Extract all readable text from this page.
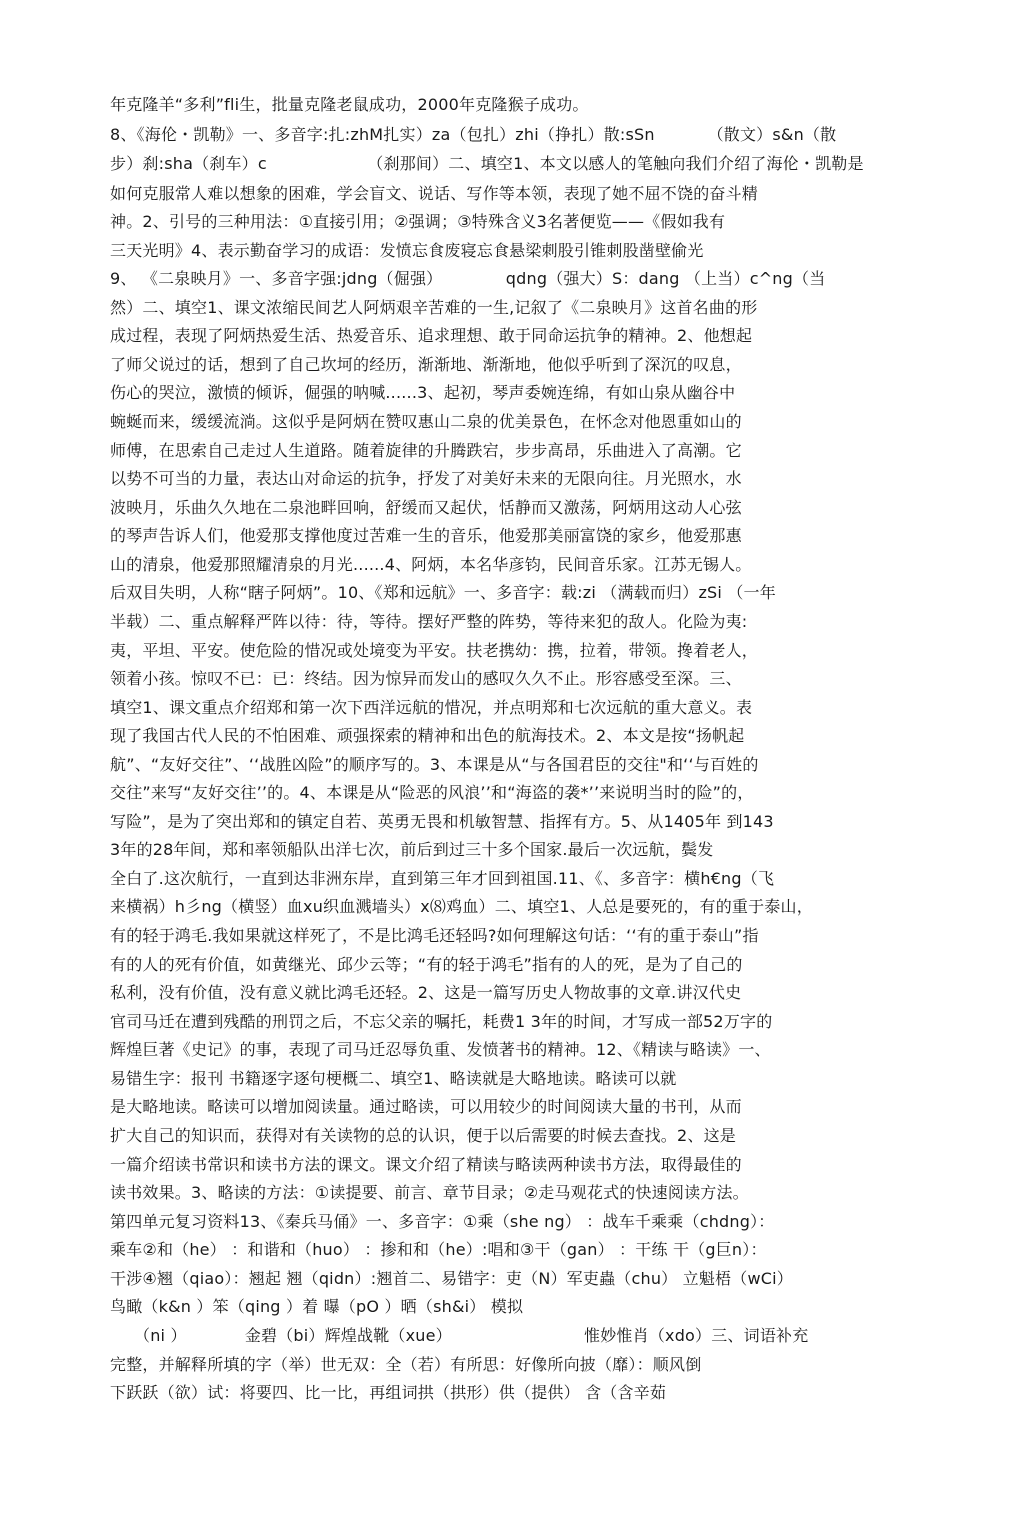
年克隆羊“多利”fli生，批量克隆老鼠成功，2000年克隆猴子成功。
8、《海伦・凯勒》一、多音字:扎:zhM扎实）za（包扎）zhi（挣扎）散:sSn          （散文）s&n（散
步）刹:sha（刹车）c                   （刹那间）二、填空1、本文以感人的笔触向我们介绍了海伦・凯勒是
如何克服常人难以想象的困难，学会盲文、说话、写作等本领，表现了她不屈不饶的奋斗精
神。2、引号的三种用法：①直接引用；②强调；③特殊含义3名著便览——《假如我有
三天光明》4、表示勤奋学习的成语：发愤忘食废寝忘食悬梁刺股引锥刺股凿壁偷光
9、 《二泉映月》一、多音字强:jdng（倔强）            qdng（强大）S：dang （上当）c^ng（当
然）二、填空1、课文浓缩民间艺人阿炳艰辛苦难的一生,记叙了《二泉映月》这首名曲的形
成过程，表现了阿炳热爱生活、热爱音乐、追求理想、敢于同命运抗争的精神。2、他想起
了师父说过的话，想到了自己坎坷的经历，渐渐地、渐渐地，他似乎听到了深沉的叹息，
伤心的哭泣，激愤的倾诉，倔强的呐喊......3、起初，琴声委婉连绵，有如山泉从幽谷中
蜿蜒而来，缓缓流淌。这似乎是阿炳在赞叹惠山二泉的优美景色，在怀念对他恩重如山的
师傅，在思索自己走过人生道路。随着旋律的升腾跌宕，步步高昂，乐曲进入了高潮。它
以势不可当的力量，表达山对命运的抗争，抒发了对美好未来的无限向往。月光照水，水
波映月，乐曲久久地在二泉池畔回响，舒缓而又起伏，恬静而又激荡，阿炳用这动人心弦
的琴声告诉人们，他爱那支撑他度过苦难一生的音乐，他爱那美丽富饶的家乡，他爱那惠
山的清泉，他爱那照耀清泉的月光......4、阿炳，本名华彦钧，民间音乐家。江苏无锡人。
后双目失明，人称“瞎子阿炳”。10、《郑和远航》一、多音字：载:zi （满载而归）zSi （一年
半载）二、重点解释严阵以待：待，等待。摆好严整的阵势，等待来犯的敌人。化险为夷:
夷，平坦、平安。使危险的惜况或处境变为平安。扶老携幼：携，拉着，带领。搀着老人，
领着小孩。惊叹不已：已：终结。因为惊异而发山的感叹久久不止。形容感受至深。三、
填空1、课文重点介绍郑和第一次下西洋远航的惜况，并点明郑和七次远航的重大意义。表
现了我国古代人民的不怕困难、顽强探索的精神和出色的航海技术。2、本文是按“扬帆起
航”、“友好交往”、‘‘战胜凶险”的顺序写的。3、本课是从“与各国君臣的交往"和‘‘与百姓的
交往”来写“友好交往’’的。4、本课是从“险恶的风浪’’和“海盗的袭*’’来说明当时的险”的，
写险”，是为了突出郑和的镇定自若、英勇无畏和机敏智慧、指挥有方。5、从1405年 到143
3年的28年间，郑和率领船队出洋七次，前后到过三十多个国家.最后一次远航，鬓发
全白了.这次航行，一直到达非洲东岸，直到第三年才回到祖国.11、《、多音字：横h€ng（飞
来横祸）h彡ng（横竖）血xu织血溅墙头）x⑻鸡血）二、填空1、人总是要死的，有的重于泰山，
有的轻于鸿毛.我如果就这样死了，不是比鸿毛还轻吗?如何理解这句话：‘‘有的重于泰山”指
有的人的死有价值，如黄继光、邱少云等；“有的轻于鸿毛”指有的人的死，是为了自己的
私利，没有价值，没有意义就比鸿毛还轻。2、这是一篇写历史人物故事的文章.讲汉代史
官司马迁在遭到残酷的刑罚之后，不忘父亲的嘱托，耗费1 3年的时间，才写成一部52万字的
辉煌巨著《史记》的事，表现了司马迁忍辱负重、发愤著书的精神。12、《精读与略读》一、
易错生字：报刊 书籍逐字逐句梗概二、填空1、略读就是大略地读。略读可以就
是大略地读。略读可以增加阅读量。通过略读，可以用较少的时间阅读大量的书刊，从而
扩大自己的知识而，获得对有关读物的总的认识，便于以后需要的时候去查找。2、这是
一篇介绍读书常识和读书方法的课文。课文介绍了精读与略读两种读书方法，取得最佳的
读书效果。3、略读的方法：①读提要、前言、章节目录；②走马观花式的快速阅读方法。
第四单元复习资料13、《秦兵马俑》一、多音字：①乘（she ng） ：战车千乘乘（chdng）：
乘车②和（he） ：和谐和（huo） ：掺和和（he）:唱和③干（gan） ：干练 干（g巨n）：
干涉④翘（qiao）：翘起 翘（qidn）:翘首二、易错字：吏（N）军吏蟲（chu） 立魁梧（wCi）
鸟瞰（k&n ）笨（qing ）着 曝（pO ）晒（sh&i） 模拟
（ni ）           金碧（bi）辉煌战靴（xue）                         惟妙惟肖（xdo）三、词语补充
完整，并解释所填的字（举）世无双：全（若）有所思：好像所向披（靡）：顺风倒
下跃跃（欲）试：将要四、比一比，再组词拱（拱形）供（提供） 含（含辛茹
